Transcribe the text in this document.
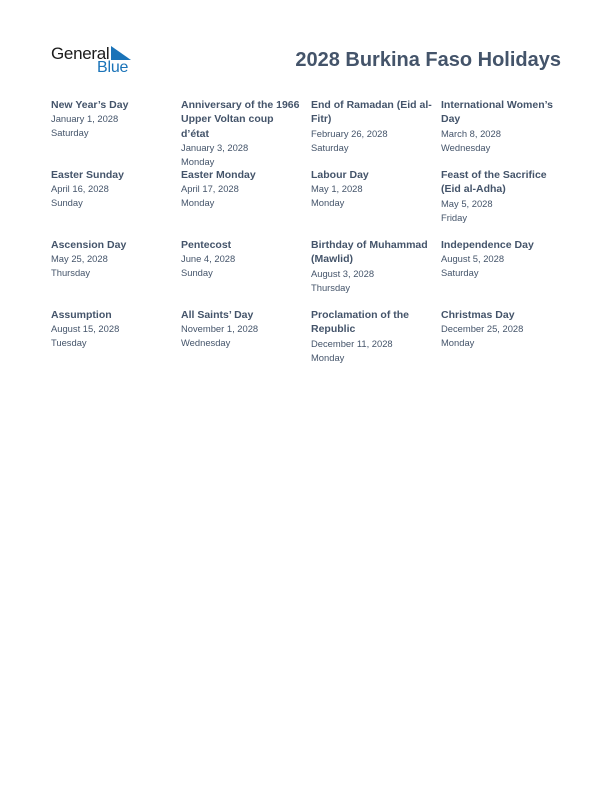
General
Blue	2028 Burkina Faso Holidays
New Year’s Day
January 1, 2028
Saturday
Anniversary of the 1966 Upper Voltan coup d’état
January 3, 2028
Monday
End of Ramadan (Eid al-Fitr)
February 26, 2028
Saturday
International Women’s Day
March 8, 2028
Wednesday
Easter Sunday
April 16, 2028
Sunday
Easter Monday
April 17, 2028
Monday
Labour Day
May 1, 2028
Monday
Feast of the Sacrifice (Eid al-Adha)
May 5, 2028
Friday
Ascension Day
May 25, 2028
Thursday
Pentecost
June 4, 2028
Sunday
Birthday of Muhammad (Mawlid)
August 3, 2028
Thursday
Independence Day
August 5, 2028
Saturday
Assumption
August 15, 2028
Tuesday
All Saints’ Day
November 1, 2028
Wednesday
Proclamation of the Republic
December 11, 2028
Monday
Christmas Day
December 25, 2028
Monday
